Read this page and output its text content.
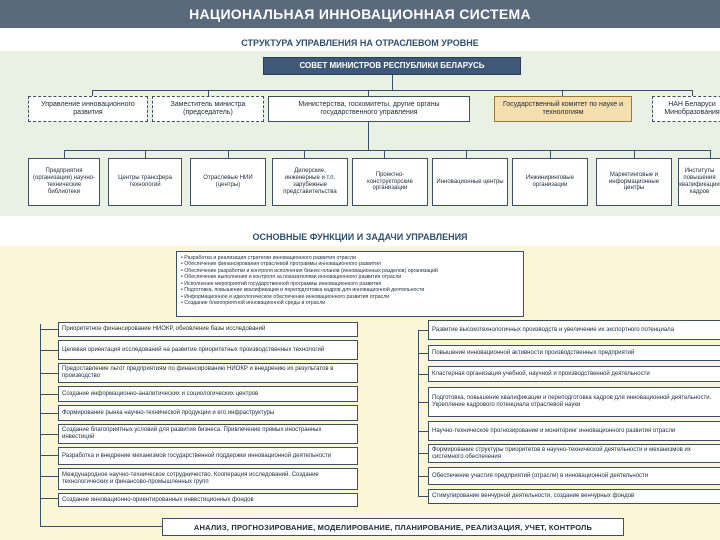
НАЦИОНАЛЬНАЯ ИННОВАЦИОННАЯ СИСТЕМА
СТРУКТУРА УПРАВЛЕНИЯ НА ОТРАСЛЕВОМ УРОВНЕ
СОВЕТ МИНИСТРОВ РЕСПУБЛИКИ БЕЛАРУСЬ
Управление инновационного развития
Заместитель министра (председатель)
Министерства, госкомитеты, другие органы государственного управления
Государственный комитет по науке и технологиям
НАН Беларуси Минобразования
Предприятия (организации) научно-технические библиотеки
Центры трансфера технологий
Отраслевые НИИ (центры)
Дилерские, инженерные и т.п. зарубежные представительства
Проектно-конструкторские организации
Инновационные центры
Инжиниринговые организации
Маркетинговые и информационные центры
Институты повышения квалификации кадров
ОСНОВНЫЕ ФУНКЦИИ И ЗАДАЧИ УПРАВЛЕНИЯ
• Разработка и реализация стратегии инновационного развития отрасли
• Обеспечение финансирования отраслевой программы инновационного развития
• Обеспечение разработки и контроля исполнения бизнес-планов (инновационных разделов) организаций
• Обеспечение выполнения и контроля за показателями инновационного развития отрасли
• Исполнение мероприятий государственной программы инновационного развития
• Подготовка, повышение квалификации и переподготовка кадров для инновационной деятельности
• Информационное и идеологическое обеспечение инновационного развития отрасли
• Создание благоприятной инновационной среды в отрасли
Приоритетное финансирование НИОКР, обновление базы исследований
Целевая ориентация исследований на развитие приоритетных производственных технологий
Предоставление льгот предприятиям по финансированию НИОКР и внедрению их результатов в производство
Создание информационно-аналитических и социологических центров
Формирование рынка научно-технической продукции и его инфраструктуры
Создание благоприятных условий для развития бизнеса. Привлечение прямых иностранных инвестиций
Разработка и внедрение механизмов государственной поддержки инновационной деятельности
Международное научно-техническое сотрудничество. Кооперация исследований. Создание технологических и финансово-промышленных групп
Создание инновационно-ориентированных инвестиционных фондов
Развитие высокотехнологичных производств и увеличение их экспортного потенциала
Повышение инновационной активности производственных предприятий
Кластерная организация учебной, научной и производственной деятельности
Подготовка, повышение квалификации и переподготовка кадров для инновационной деятельности. Укрепление кадрового потенциала отраслевой науки
Научно-техническое прогнозирование и мониторинг инновационного развития отрасли
Формирование структуры приоритетов в научно-технической деятельности и механизмов их системного обеспечения
Обеспечение участия предприятий (отрасли) в инновационной деятельности
Стимулирование венчурной деятельности, создание венчурных фондов
АНАЛИЗ, ПРОГНОЗИРОВАНИЕ, МОДЕЛИРОВАНИЕ, ПЛАНИРОВАНИЕ, РЕАЛИЗАЦИЯ, УЧЕТ, КОНТРОЛЬ
